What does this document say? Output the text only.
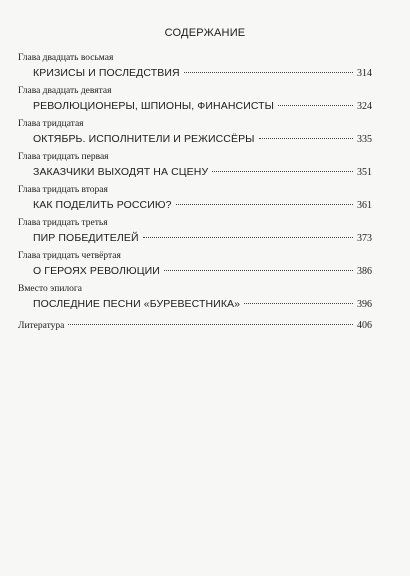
СОДЕРЖАНИЕ
Глава двадцать восьмая
КРИЗИСЫ И ПОСЛЕДСТВИЯ	314
Глава двадцать девятая
РЕВОЛЮЦИОНЕРЫ, ШПИОНЫ, ФИНАНСИСТЫ	324
Глава тридцатая
ОКТЯБРЬ. ИСПОЛНИТЕЛИ И РЕЖИССЁРЫ	335
Глава тридцать первая
ЗАКАЗЧИКИ ВЫХОДЯТ НА СЦЕНУ	351
Глава тридцать вторая
КАК ПОДЕЛИТЬ РОССИЮ?	361
Глава тридцать третья
ПИР ПОБЕДИТЕЛЕЙ	373
Глава тридцать четвёртая
О ГЕРОЯХ РЕВОЛЮЦИИ	386
Вместо эпилога
ПОСЛЕДНИЕ ПЕСНИ «БУРЕВЕСТНИКА»	396
Литература	406
